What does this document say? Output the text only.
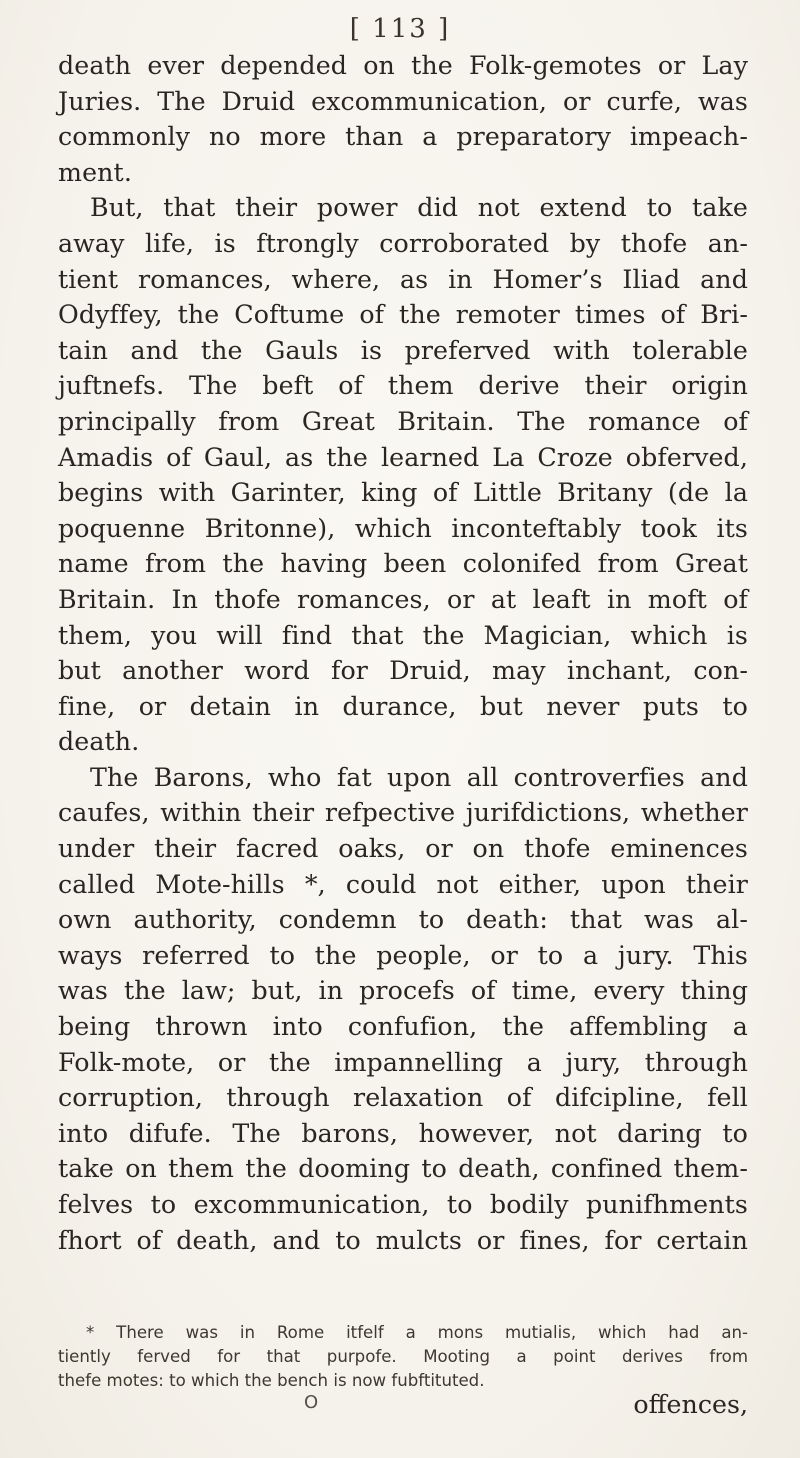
[ 113 ]
death ever depended on the Folk-gemotes or Lay
Juries. The Druid excommunication, or curfe, was
commonly no more than a preparatory impeach-
ment.
But, that their power did not extend to take
away life, is ftrongly corroborated by thofe an-
tient romances, where, as in Homer’s Iliad and
Odyffey, the Coftume of the remoter times of Bri-
tain and the Gauls is preferved with tolerable
juftnefs. The beft of them derive their origin
principally from Great Britain. The romance of
Amadis of Gaul, as the learned La Croze obferved,
begins with Garinter, king of Little Britany (de la
poquenne Britonne), which inconteftably took its
name from the having been colonifed from Great
Britain. In thofe romances, or at leaft in moft of
them, you will find that the Magician, which is
but another word for Druid, may inchant, con-
fine, or detain in durance, but never puts to
death.
The Barons, who fat upon all controverfies and
caufes, within their refpective jurifdictions, whether
under their facred oaks, or on thofe eminences
called Mote-hills *, could not either, upon their
own authority, condemn to death: that was al-
ways referred to the people, or to a jury. This
was the law; but, in procefs of time, every thing
being thrown into confufion, the affembling a
Folk-mote, or the impannelling a jury, through
corruption, through relaxation of difcipline, fell
into difufe. The barons, however, not daring to
take on them the dooming to death, confined them-
felves to excommunication, to bodily punifhments
fhort of death, and to mulcts or fines, for certain
* There was in Rome itfelf a mons mutialis, which had an-
tiently ferved for that purpofe. Mooting a point derives from
thefe motes: to which the bench is now fubftituted.
O	offences,
